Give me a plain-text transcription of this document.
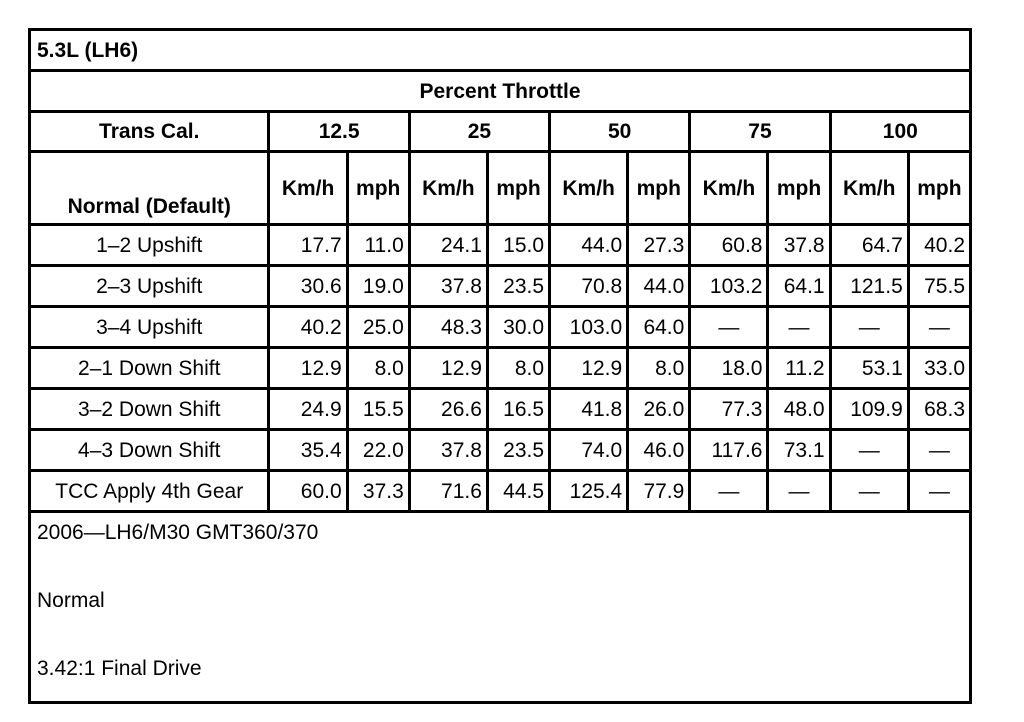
5.3L (LH6)										
Percent Throttle										
Trans Cal.	12.5		25		50		75		100	
Normal (Default)	Km/h	mph	Km/h	mph	Km/h	mph	Km/h	mph	Km/h	mph
1–2 Upshift	17.7	11.0	24.1	15.0	44.0	27.3	60.8	37.8	64.7	40.2
2–3 Upshift	30.6	19.0	37.8	23.5	70.8	44.0	103.2	64.1	121.5	75.5
3–4 Upshift	40.2	25.0	48.3	30.0	103.0	64.0	—	—	—	—
2–1 Down Shift	12.9	8.0	12.9	8.0	12.9	8.0	18.0	11.2	53.1	33.0
3–2 Down Shift	24.9	15.5	26.6	16.5	41.8	26.0	77.3	48.0	109.9	68.3
4–3 Down Shift	35.4	22.0	37.8	23.5	74.0	46.0	117.6	73.1	—	—
TCC Apply 4th Gear	60.0	37.3	71.6	44.5	125.4	77.9	—	—	—	—

2006—LH6/M30 GMT360/370
Normal
3.42:1 Final Drive										
